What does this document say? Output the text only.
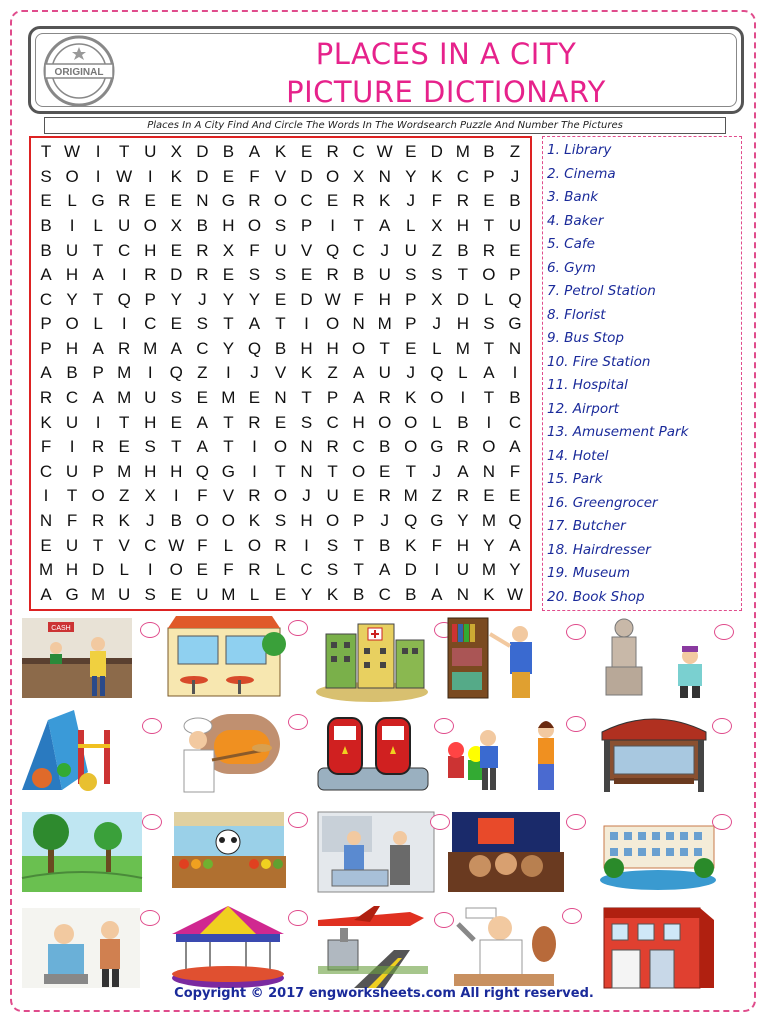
ORIGINAL
PLACES IN A CITY
PICTURE DICTIONARY
Places In A City Find And Circle The Words In The Wordsearch Puzzle And Number The Pictures
T W I	T U X D B A K E R C W E D M B Z
S O	I W I	K D E F V D O X N Y K C P J
E L G R E E N G R O C E R K J F R E B
B	I	L U O X B H O S P	I	T A L X H T U
B U T C H E R X F U V Q C J U Z B R E
A H A	I	R D R E S S E R B U S S T O P
C Y T Q P Y J Y Y E D W F H P X D L Q
P O L	I	C E S T A T	I	O N M P J H S G
P H A R M A C Y Q B H H O T E L M T N
A B P M I	Q Z	I	J V K Z A U J Q L A	I
R C A M U S E M E N T P A R K O	I	T B
K U	I	T H E A T R E S C H O O L B	I	C
F	I	R E S T A T	I	O N R C B O G R O A
C U P M H H Q G	I	T N T O E T J A N F
I	T O Z X	I	F V R O J U E R M Z R E E
N F R K J B O O K S H O P J Q G Y M Q
E U T V C W F L O R	I	S T B K F H Y A
M H D L	I	O E F R L C S T A D	I	U M Y
A G M U S E U M L E Y K B C B A N K W
1. Library
2. Cinema
3. Bank
4. Baker
5. Cafe
6. Gym
7. Petrol Station
8. Florist
9. Bus Stop
10. Fire Station
11. Hospital
12. Airport
13. Amusement Park
14. Hotel
15. Park
16. Greengrocer
17. Butcher
18. Hairdresser
19. Museum
20. Book Shop
CASH
Copyright © 2017 engworksheets.com All right reserved.
